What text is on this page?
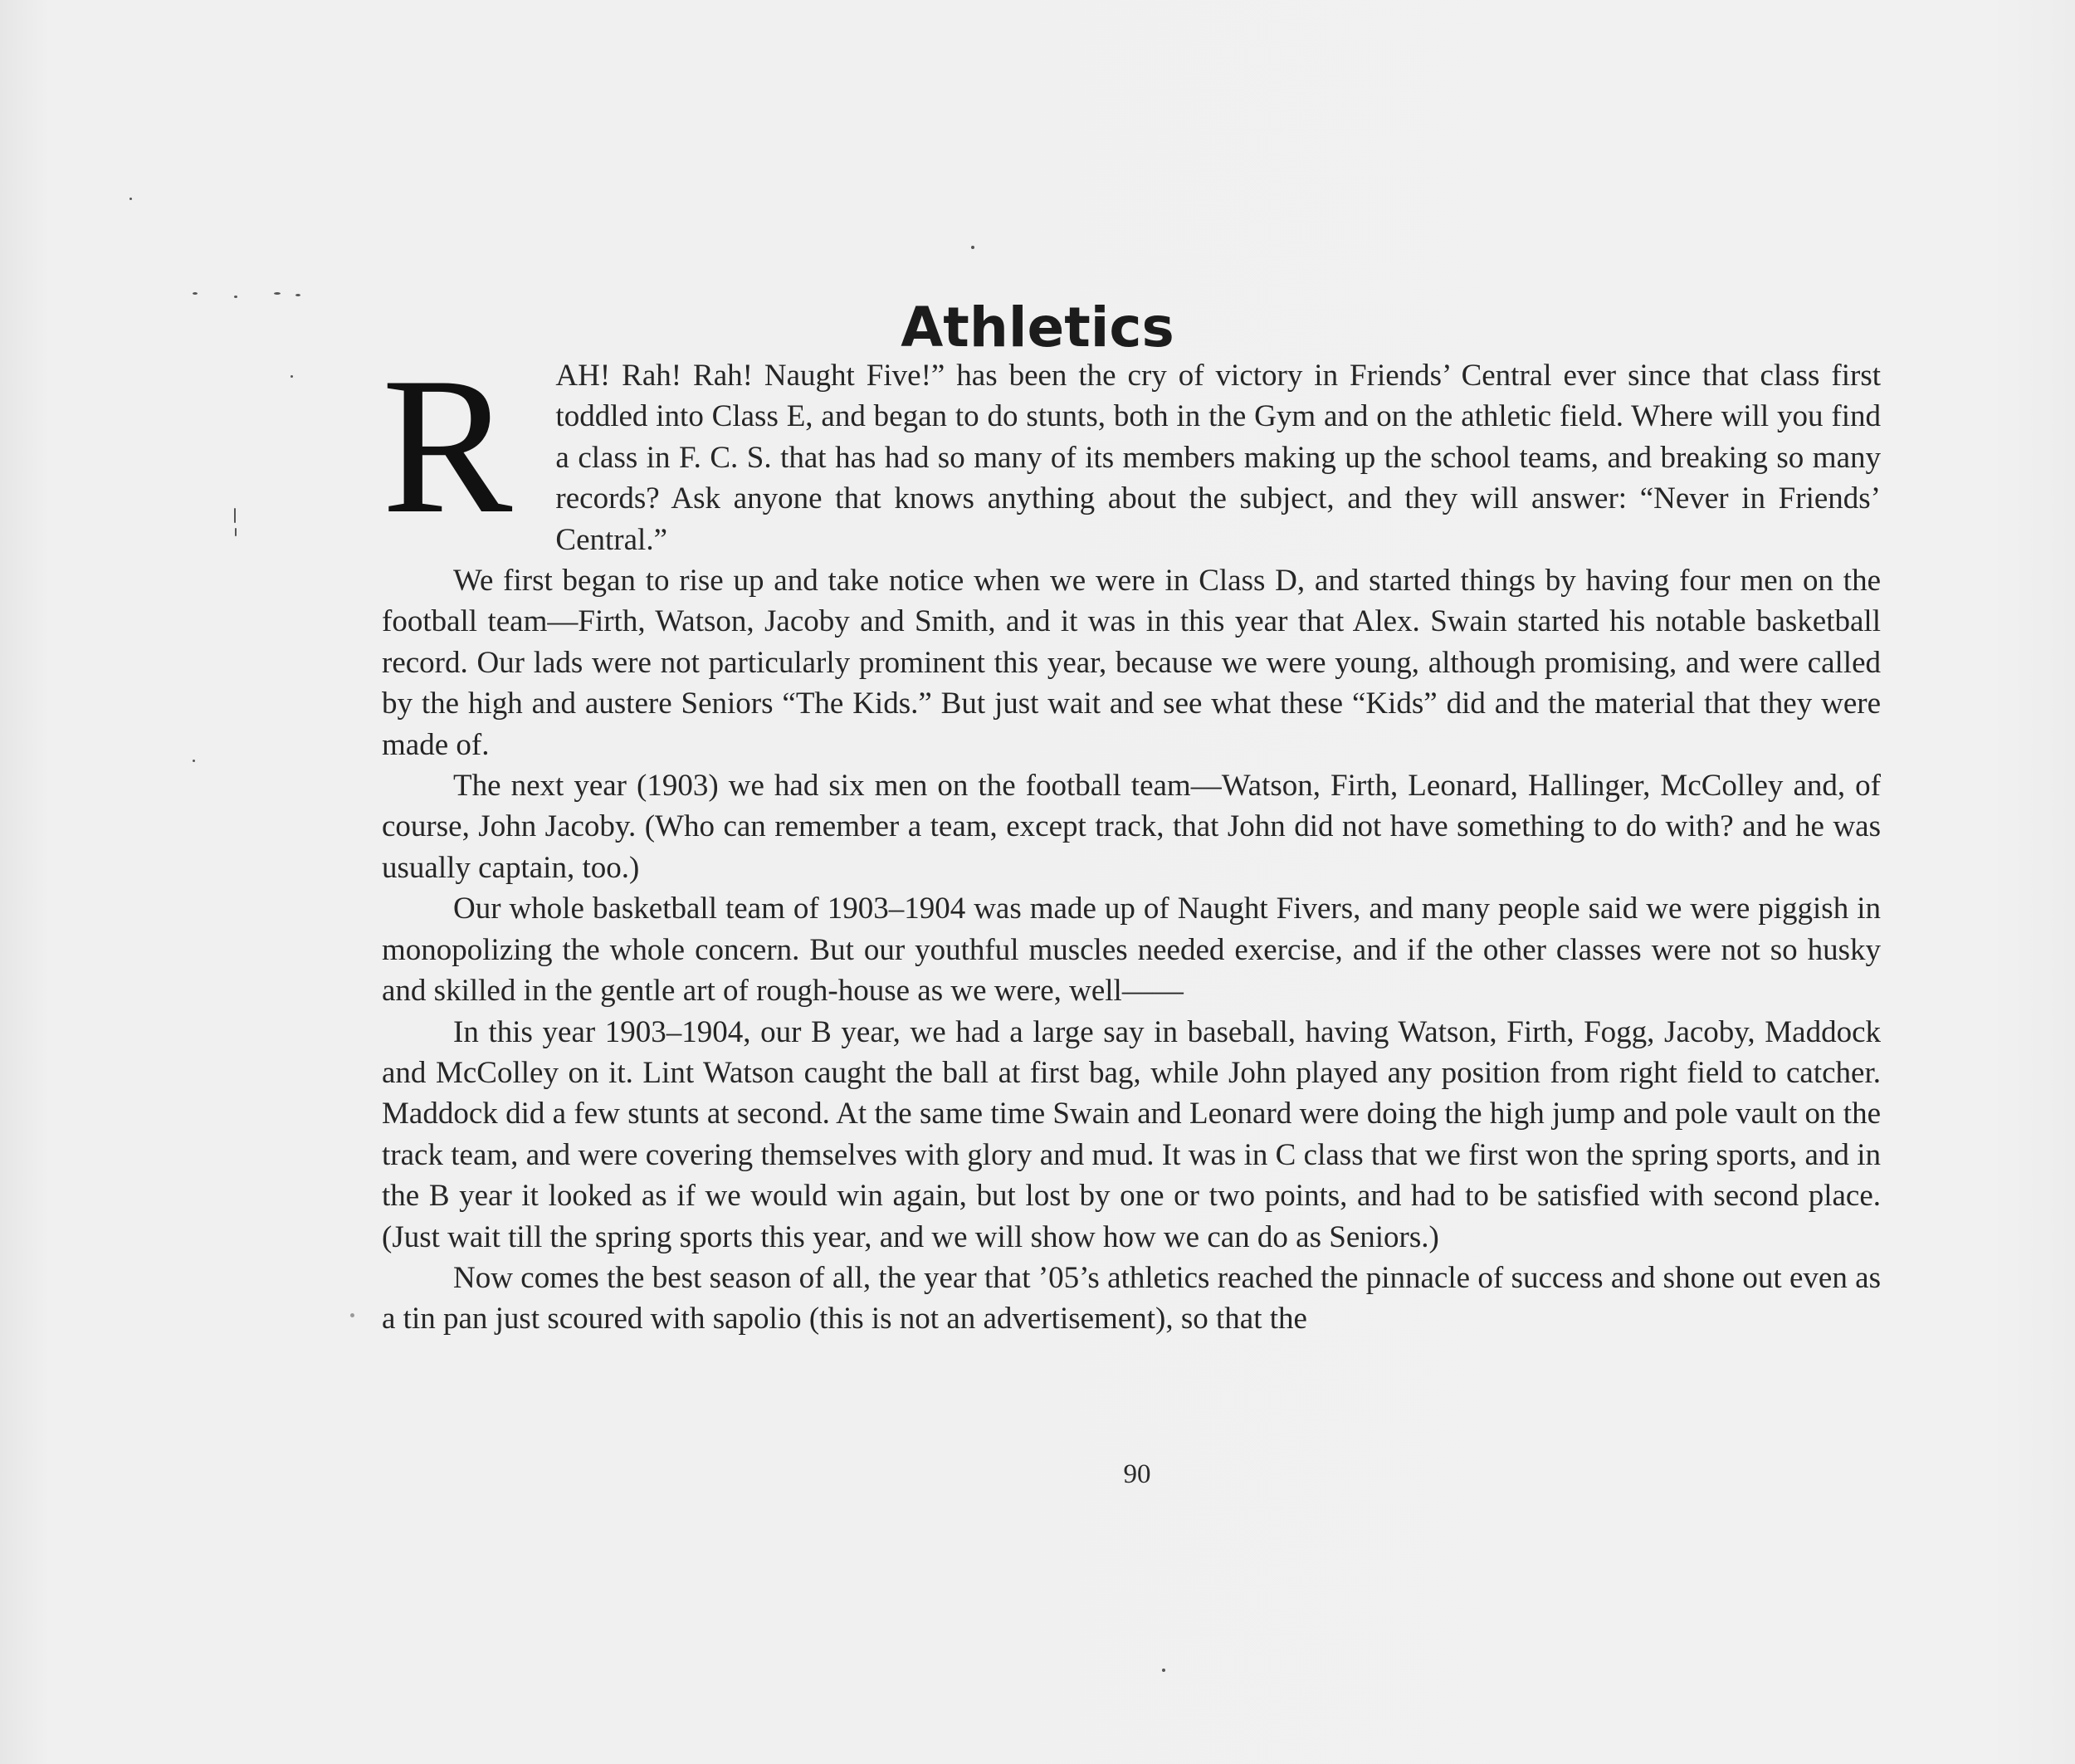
Athletics

R AH! Rah! Rah! Naught Five!” has been the cry of victory in Friends’ Central ever since that class first toddled into Class E, and began to do stunts, both in the Gym and on the athletic field. Where will you find a class in F. C. S. that has had so many of its members making up the school teams, and breaking so many records? Ask anyone that knows anything about the subject, and they will answer: “Never in Friends’ Central.”

We first began to rise up and take notice when we were in Class D, and started things by having four men on the football team—Firth, Watson, Jacoby and Smith, and it was in this year that Alex. Swain started his notable basketball record. Our lads were not particularly prominent this year, because we were young, although promising, and were called by the high and austere Seniors “The Kids.” But just wait and see what these “Kids” did and the material that they were made of.

The next year (1903) we had six men on the football team—Watson, Firth, Leonard, Hallinger, McColley and, of course, John Jacoby. (Who can remember a team, except track, that John did not have something to do with? and he was usually captain, too.)

Our whole basketball team of 1903–1904 was made up of Naught Fivers, and many people said we were piggish in monopolizing the whole concern. But our youthful muscles needed exercise, and if the other classes were not so husky and skilled in the gentle art of rough-house as we were, well——

In this year 1903–1904, our B year, we had a large say in baseball, having Watson, Firth, Fogg, Jacoby, Maddock and McColley on it. Lint Watson caught the ball at first bag, while John played any position from right field to catcher. Maddock did a few stunts at second. At the same time Swain and Leonard were doing the high jump and pole vault on the track team, and were covering themselves with glory and mud. It was in C class that we first won the spring sports, and in the B year it looked as if we would win again, but lost by one or two points, and had to be satisfied with second place. (Just wait till the spring sports this year, and we will show how we can do as Seniors.)

Now comes the best season of all, the year that ’05’s athletics reached the pinnacle of success and shone out even as a tin pan just scoured with sapolio (this is not an advertisement), so that the

90
